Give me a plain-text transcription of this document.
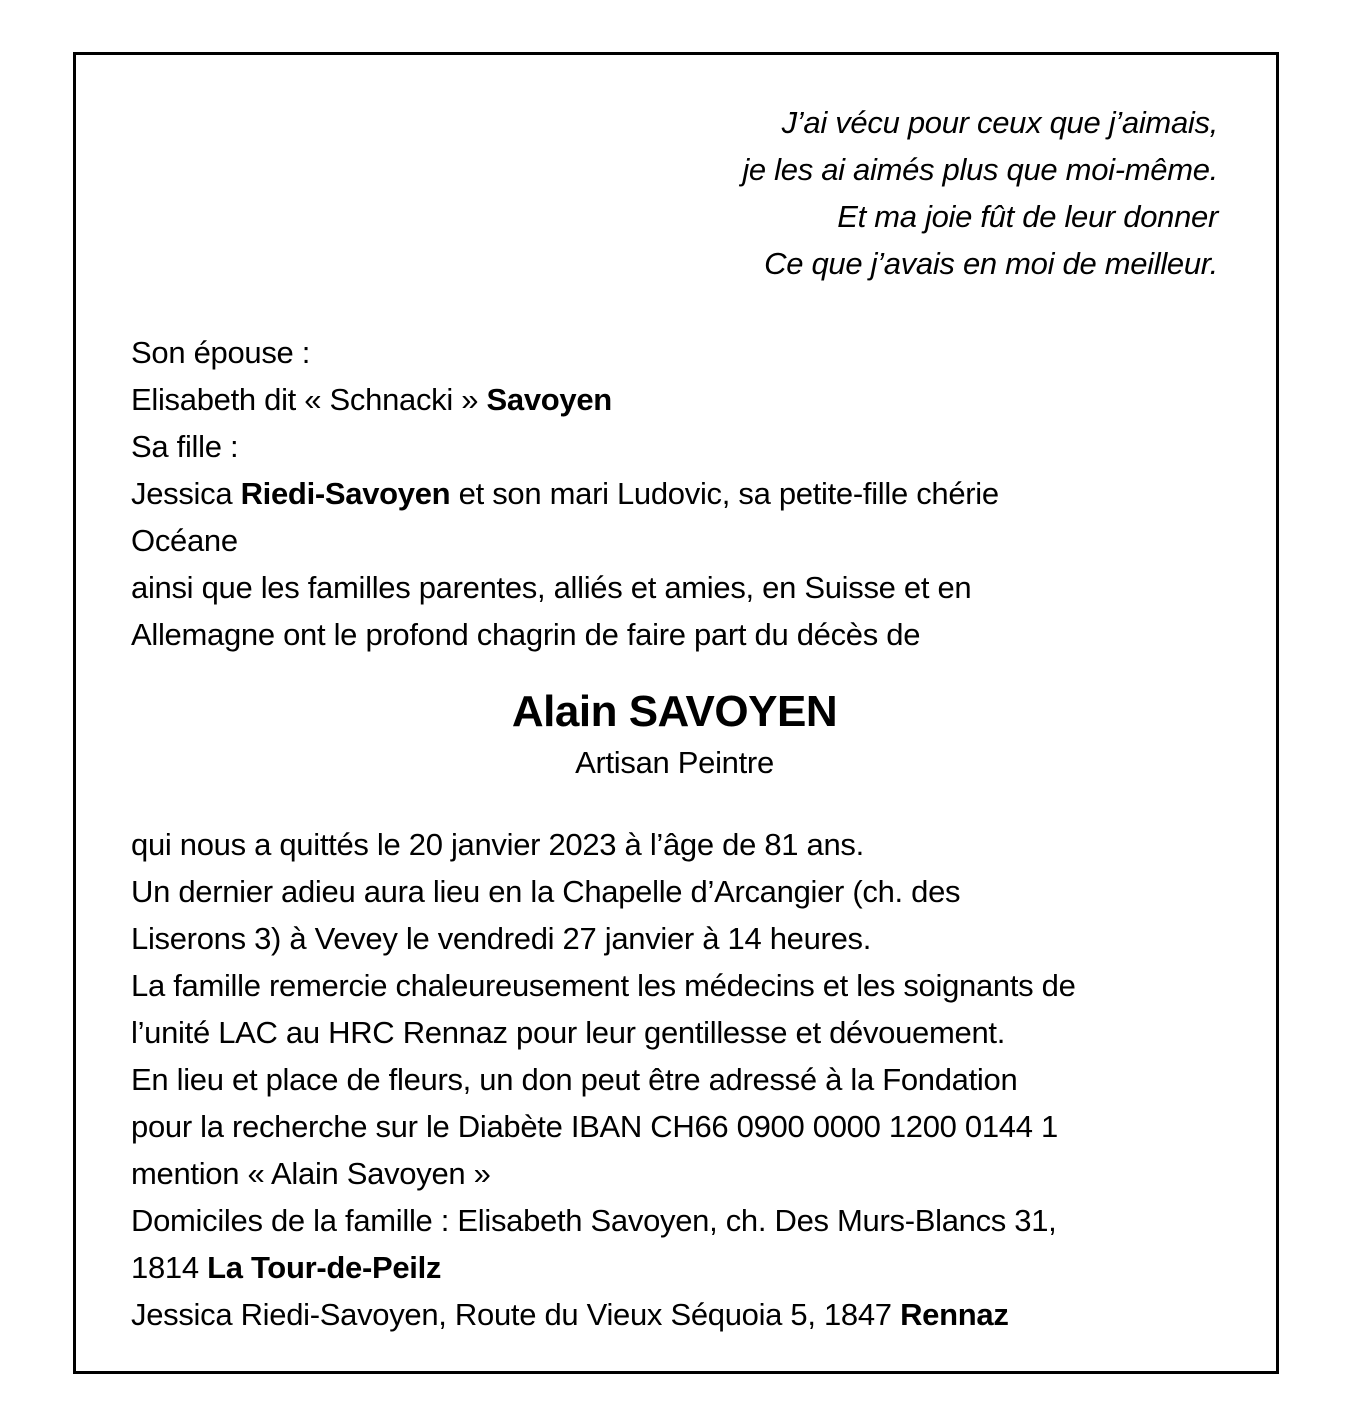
J’ai vécu pour ceux que j’aimais,
je les ai aimés plus que moi-même.
Et ma joie fût de leur donner
Ce que j’avais en moi de meilleur.
Son épouse :
Elisabeth dit « Schnacki » Savoyen
Sa fille :
Jessica Riedi-Savoyen et son mari Ludovic, sa petite-fille chérie
Océane
ainsi que les familles parentes, alliés et amies, en Suisse et en
Allemagne ont le profond chagrin de faire part du décès de
Alain SAVOYEN
Artisan Peintre
qui nous a quittés le 20 janvier 2023 à l’âge de 81 ans.
Un dernier adieu aura lieu en la Chapelle d’Arcangier (ch. des
Liserons 3) à Vevey le vendredi 27 janvier à 14 heures.
La famille remercie chaleureusement les médecins et les soignants de
l’unité LAC au HRC Rennaz pour leur gentillesse et dévouement.
En lieu et place de fleurs, un don peut être adressé à la Fondation
pour la recherche sur le Diabète IBAN CH66 0900 0000 1200 0144 1
mention « Alain Savoyen »
Domiciles de la famille : Elisabeth Savoyen, ch. Des Murs-Blancs 31,
1814 La Tour-de-Peilz
Jessica Riedi-Savoyen, Route du Vieux Séquoia 5, 1847 Rennaz
